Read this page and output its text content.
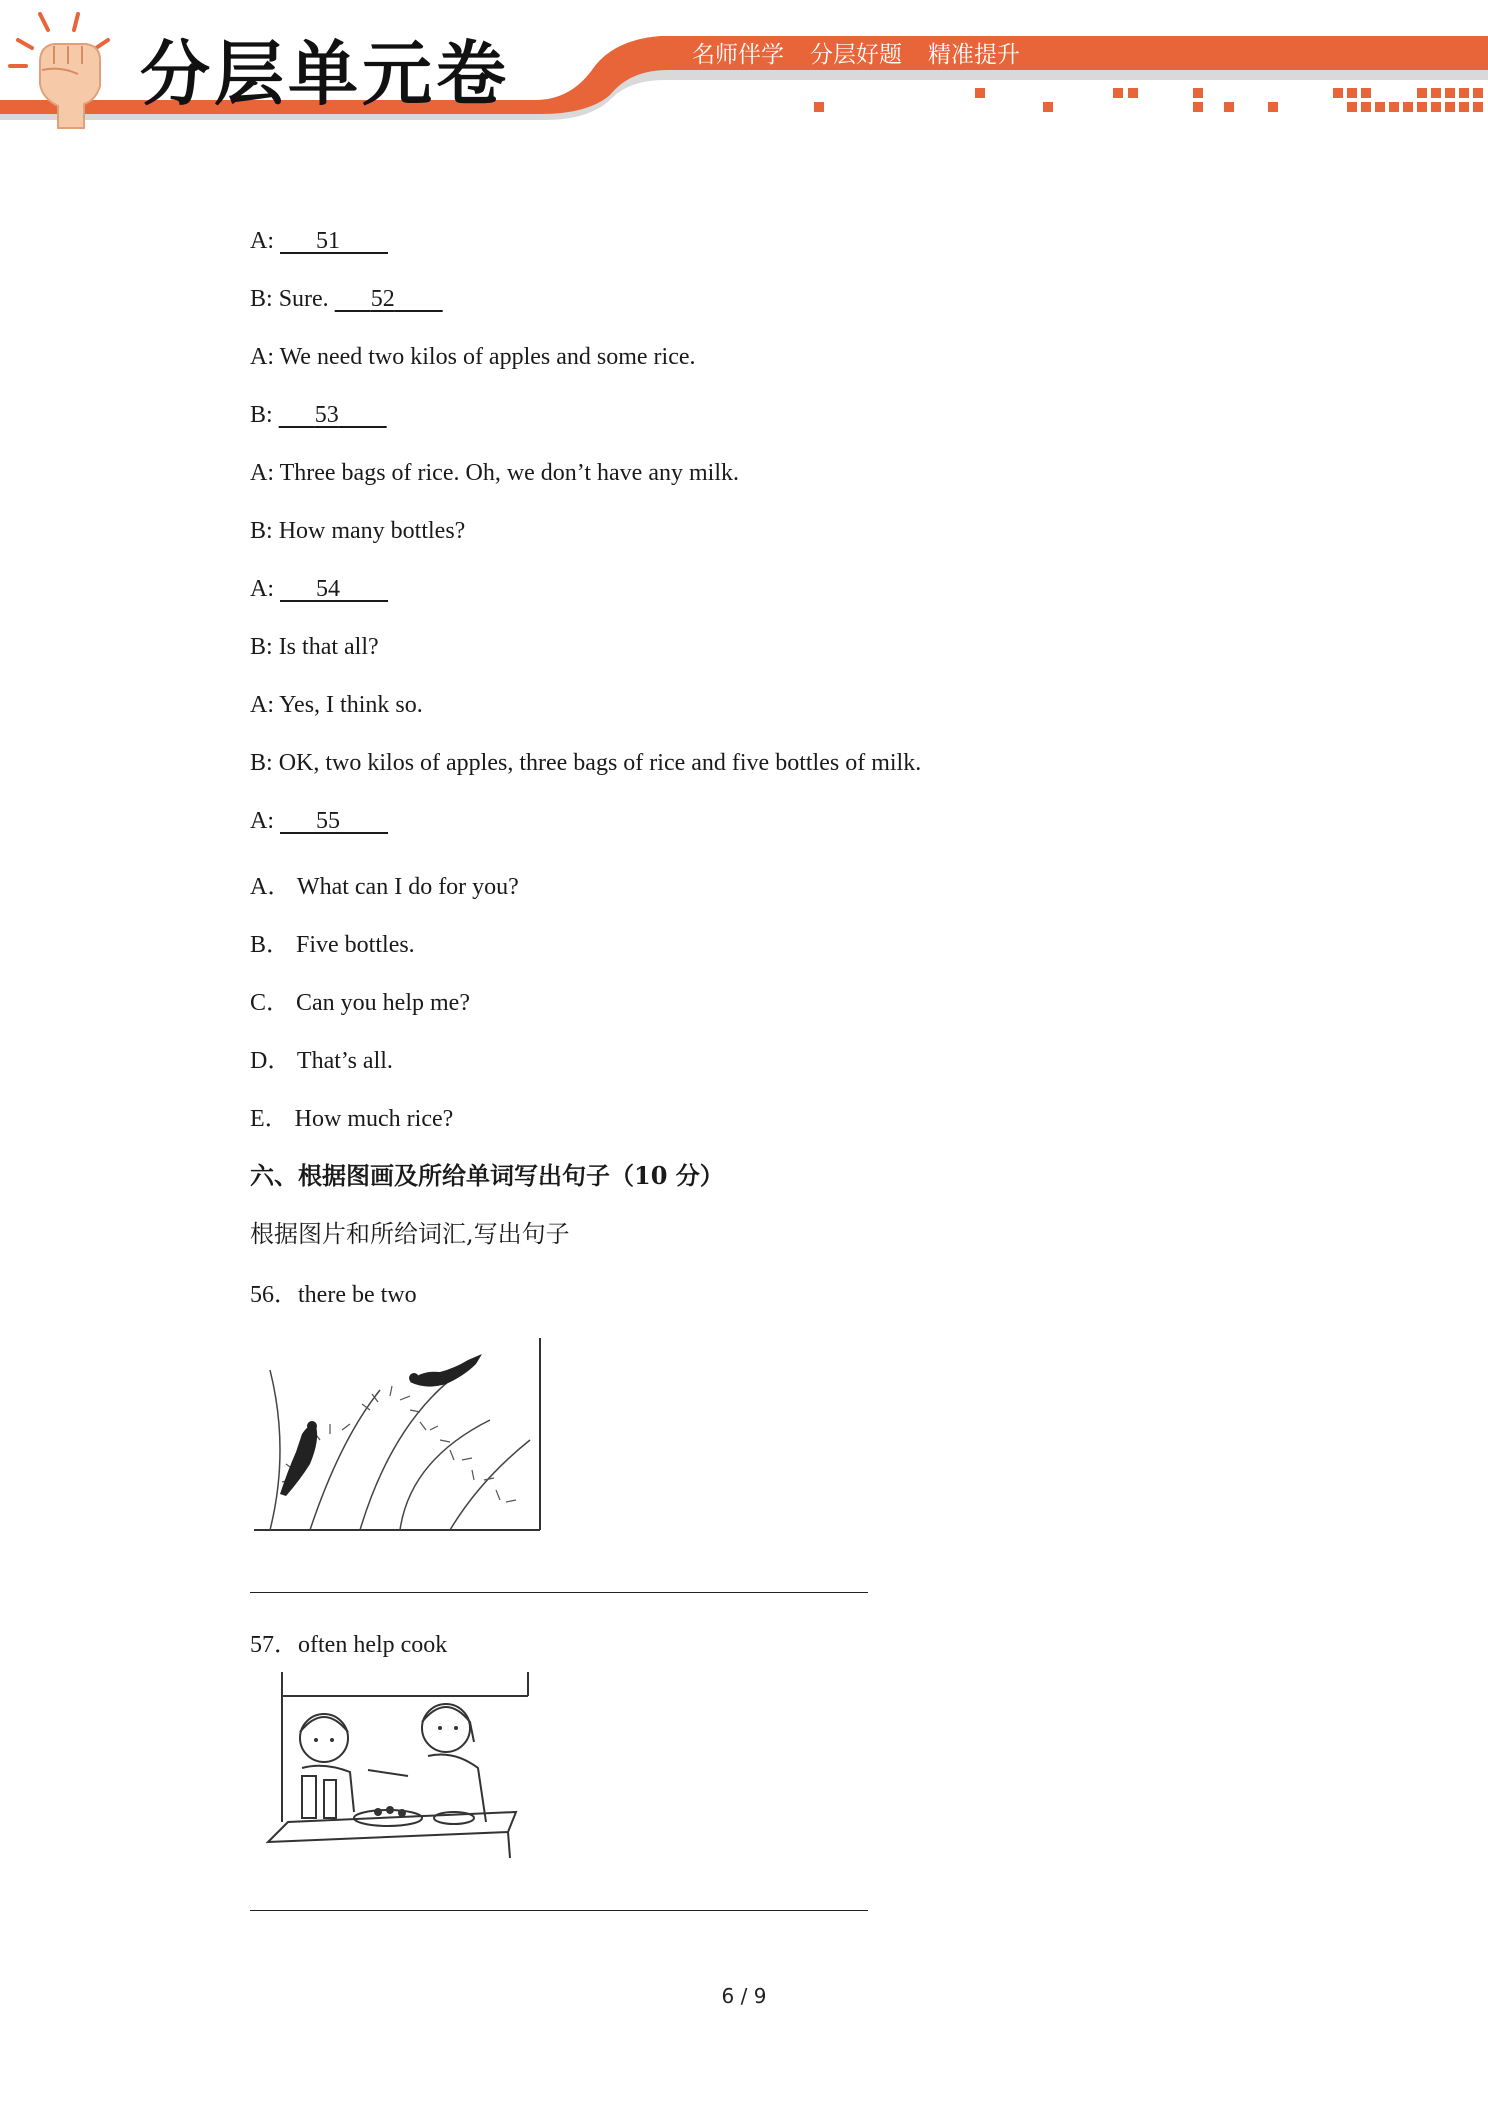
分层单元卷	名师伴学 分层好题 精准提升
A: 51
B: Sure. 52
A: We need two kilos of apples and some rice.
B: 53
A: Three bags of rice. Oh, we don’t have any milk.
B: How many bottles?
A: 54
B: Is that all?
A: Yes, I think so.
B: OK, two kilos of apples, three bags of rice and five bottles of milk.
A: 55
A． What can I do for you?
B． Five bottles.
C． Can you help me?
D． That’s all.
E． How much rice?
六、根据图画及所给单词写出句子（10 分）
根据图片和所给词汇,写出句子
56．there be two
57．often help cook
6 / 9
